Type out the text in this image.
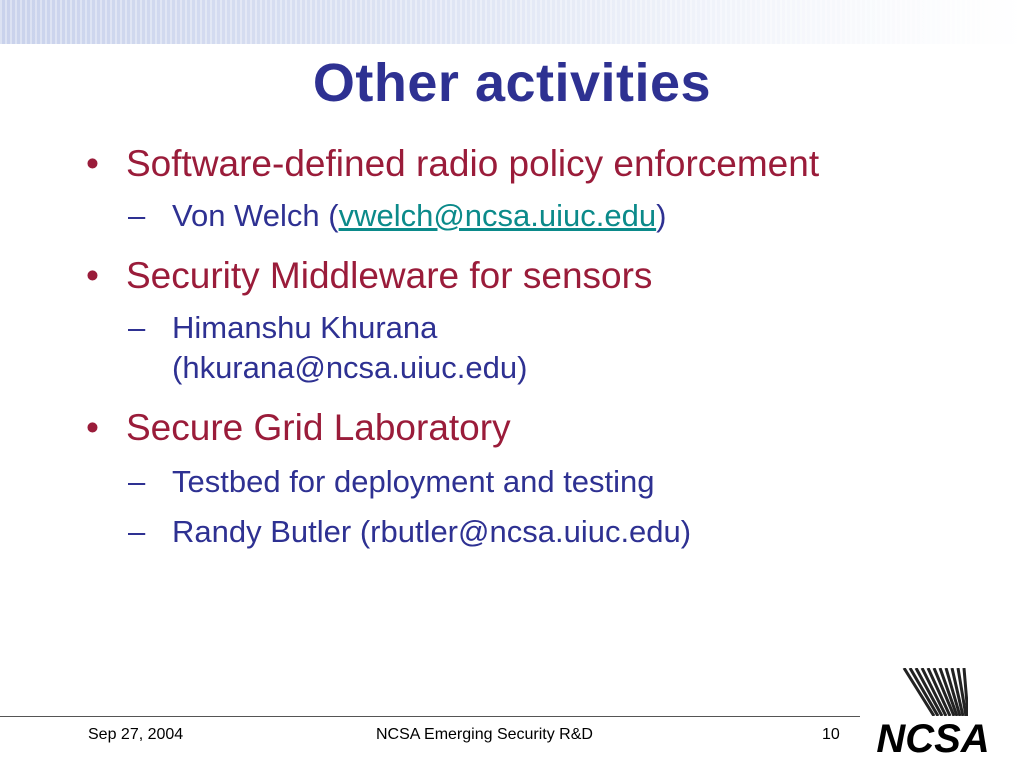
Other activities
• Software-defined radio policy enforcement
– Von Welch (vwelch@ncsa.uiuc.edu)
• Security Middleware for sensors
– Himanshu Khurana (hkurana@ncsa.uiuc.edu)
• Secure Grid Laboratory
– Testbed for deployment and testing
– Randy Butler (rbutler@ncsa.uiuc.edu)
Sep 27, 2004	NCSA Emerging Security R&D	10 NCSA
